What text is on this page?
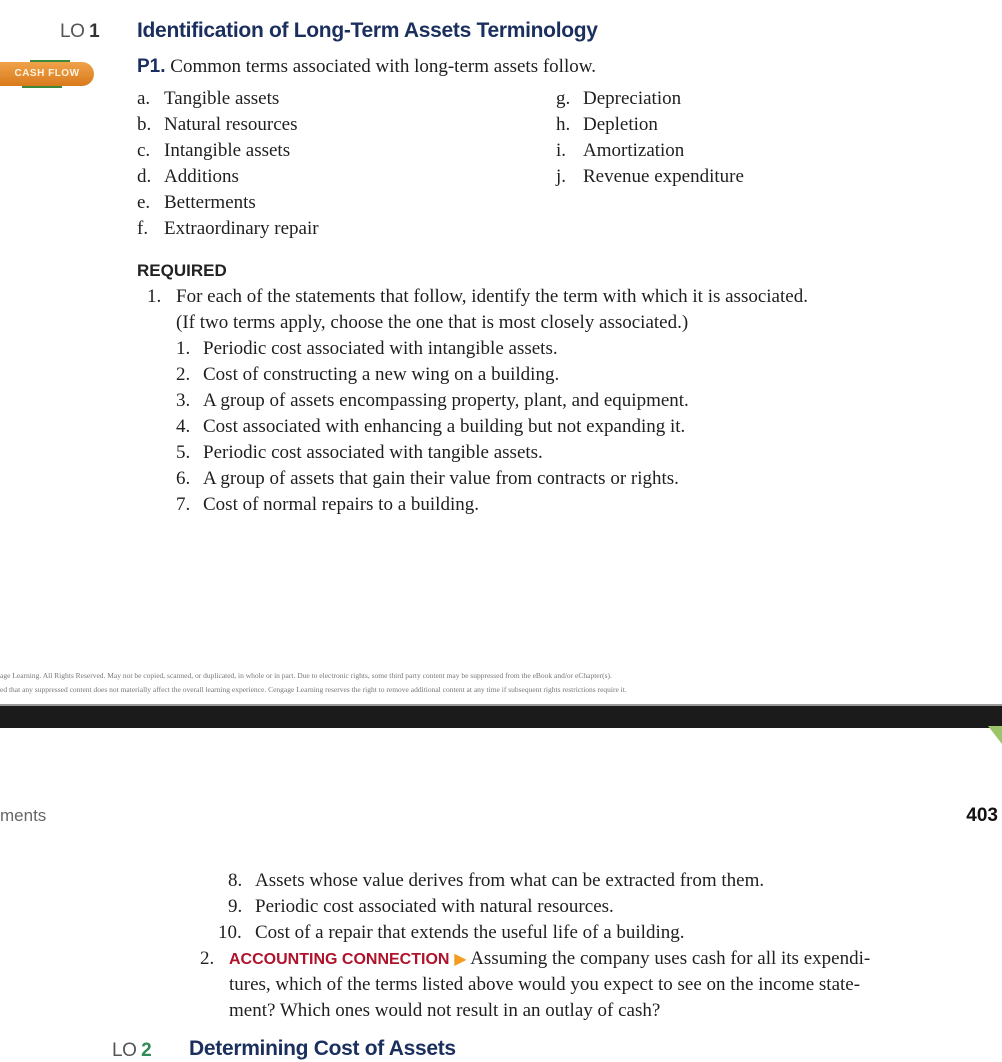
LO 1 Identification of Long-Term Assets Terminology
CASH FLOW	P1. Common terms associated with long-term assets follow.
a. Tangible assets
b. Natural resources
c. Intangible assets
d. Additions
e. Betterments
f. Extraordinary repair
g. Depreciation
h. Depletion
i. Amortization
j. Revenue expenditure
REQUIRED
1. For each of the statements that follow, identify the term with which it is associated.
(If two terms apply, choose the one that is most closely associated.)
1. Periodic cost associated with intangible assets.
2. Cost of constructing a new wing on a building.
3. A group of assets encompassing property, plant, and equipment.
4. Cost associated with enhancing a building but not expanding it.
5. Periodic cost associated with tangible assets.
6. A group of assets that gain their value from contracts or rights.
7. Cost of normal repairs to a building.
age Learning. All Rights Reserved. May not be copied, scanned, or duplicated, in whole or in part. Due to electronic rights, some third party content may be suppressed from the eBook and/or eChapter(s).
ed that any suppressed content does not materially affect the overall learning experience. Cengage Learning reserves the right to remove additional content at any time if subsequent rights restrictions require it.
ments	403
8. Assets whose value derives from what can be extracted from them.
9. Periodic cost associated with natural resources.
10. Cost of a repair that extends the useful life of a building.
2. ACCOUNTING CONNECTION ▶ Assuming the company uses cash for all its expendi-
tures, which of the terms listed above would you expect to see on the income state-
ment? Which ones would not result in an outlay of cash?
LO 2 Determining Cost of Assets
